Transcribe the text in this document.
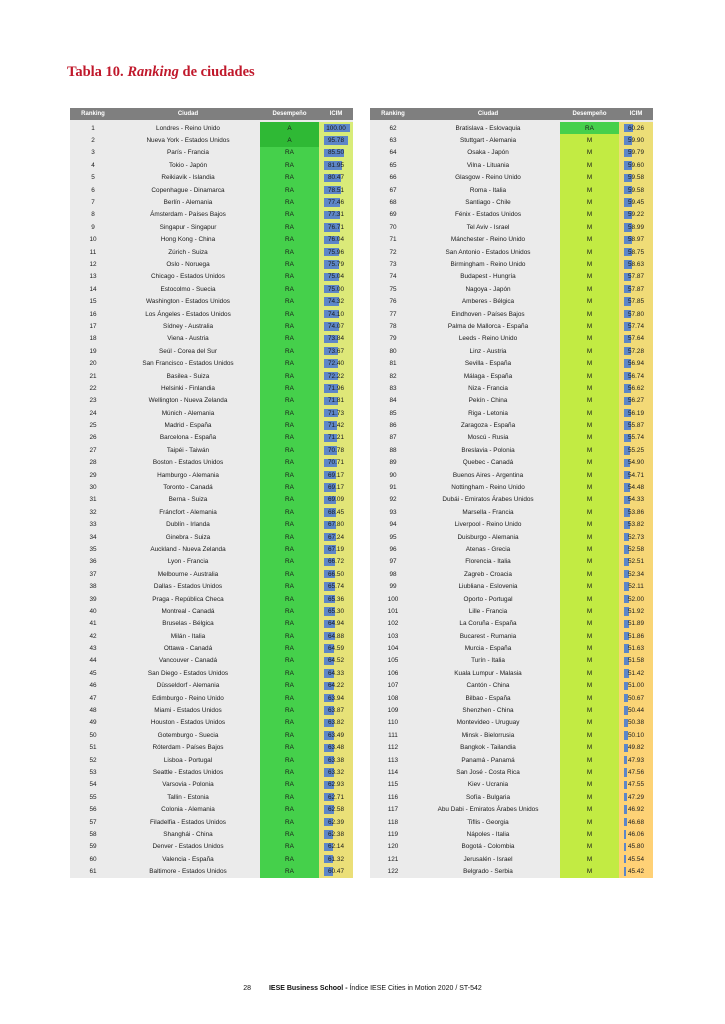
Tabla 10. Ranking de ciudades
Ranking	Ciudad	Desempeño	ICIM
1	Londres - Reino Unido	A	100.00
2	Nueva York - Estados Unidos	A	95.78
3	París - Francia	RA	85.50
4	Tokio - Japón	RA	81.95
5	Reikiavik - Islandia	RA	80.47
6	Copenhague - Dinamarca	RA	78.51
7	Berlín - Alemania	RA	77.46
8	Ámsterdam - Países Bajos	RA	77.31
9	Singapur - Singapur	RA	76.71
10	Hong Kong - China	RA	76.04
11	Zúrich - Suiza	RA	75.96
12	Oslo - Noruega	RA	75.79
13	Chicago - Estados Unidos	RA	75.04
14	Estocolmo - Suecia	RA	75.00
15	Washington - Estados Unidos	RA	74.32
16	Los Ángeles - Estados Unidos	RA	74.10
17	Sídney - Australia	RA	74.07
18	Viena - Austria	RA	73.84
19	Seúl - Corea del Sur	RA	73.67
20	San Francisco - Estados Unidos	RA	72.40
21	Basilea - Suiza	RA	72.22
22	Helsinki - Finlandia	RA	71.96
23	Wellington - Nueva Zelanda	RA	71.81
24	Múnich - Alemania	RA	71.73
25	Madrid - España	RA	71.42
26	Barcelona - España	RA	71.21
27	Taipéi - Taiwán	RA	70.78
28	Boston - Estados Unidos	RA	70.71
29	Hamburgo - Alemania	RA	69.17
30	Toronto - Canadá	RA	69.17
31	Berna - Suiza	RA	69.09
32	Fráncfort - Alemania	RA	68.45
33	Dublín - Irlanda	RA	67.80
34	Ginebra - Suiza	RA	67.24
35	Auckland - Nueva Zelanda	RA	67.19
36	Lyon - Francia	RA	66.72
37	Melbourne - Australia	RA	66.50
38	Dallas - Estados Unidos	RA	65.74
39	Praga - República Checa	RA	65.36
40	Montreal - Canadá	RA	65.30
41	Bruselas - Bélgica	RA	64.94
42	Milán - Italia	RA	64.88
43	Ottawa - Canadá	RA	64.59
44	Vancouver - Canadá	RA	64.52
45	San Diego - Estados Unidos	RA	64.33
46	Düsseldorf - Alemania	RA	64.22
47	Edimburgo - Reino Unido	RA	63.94
48	Miami - Estados Unidos	RA	63.87
49	Houston - Estados Unidos	RA	63.82
50	Gotemburgo - Suecia	RA	63.49
51	Róterdam - Países Bajos	RA	63.48
52	Lisboa - Portugal	RA	63.38
53	Seattle - Estados Unidos	RA	63.32
54	Varsovia - Polonia	RA	62.93
55	Tallin - Estonia	RA	62.71
56	Colonia - Alemania	RA	62.58
57	Filadelfia - Estados Unidos	RA	62.39
58	Shanghái - China	RA	62.38
59	Denver - Estados Unidos	RA	62.14
60	Valencia - España	RA	61.32
61	Baltimore - Estados Unidos	RA	60.47
Ranking	Ciudad	Desempeño	ICIM
62	Bratislava - Eslovaquia	RA	60.26
63	Stuttgart - Alemania	M	59.90
64	Osaka - Japón	M	59.79
65	Vilna - Lituania	M	59.60
66	Glasgow - Reino Unido	M	59.58
67	Roma - Italia	M	59.58
68	Santiago - Chile	M	59.45
69	Fénix - Estados Unidos	M	59.22
70	Tel Aviv - Israel	M	58.99
71	Mánchester - Reino Unido	M	58.97
72	San Antonio - Estados Unidos	M	58.75
73	Birmingham - Reino Unido	M	58.63
74	Budapest - Hungría	M	57.87
75	Nagoya - Japón	M	57.87
76	Amberes - Bélgica	M	57.85
77	Eindhoven - Países Bajos	M	57.80
78	Palma de Mallorca - España	M	57.74
79	Leeds - Reino Unido	M	57.64
80	Linz - Austria	M	57.28
81	Sevilla - España	M	56.94
82	Málaga - España	M	56.74
83	Niza - Francia	M	56.62
84	Pekín - China	M	56.27
85	Riga - Letonia	M	56.19
86	Zaragoza - España	M	55.87
87	Moscú - Rusia	M	55.74
88	Breslavia - Polonia	M	55.25
89	Quebec - Canadá	M	54.90
90	Buenos Aires - Argentina	M	54.71
91	Nottingham - Reino Unido	M	54.48
92	Dubái - Emiratos Árabes Unidos	M	54.33
93	Marsella - Francia	M	53.86
94	Liverpool - Reino Unido	M	53.82
95	Duisburgo - Alemania	M	52.73
96	Atenas - Grecia	M	52.58
97	Florencia - Italia	M	52.51
98	Zagreb - Croacia	M	52.34
99	Liubliana - Eslovenia	M	52.11
100	Oporto - Portugal	M	52.00
101	Lille - Francia	M	51.92
102	La Coruña - España	M	51.89
103	Bucarest - Rumania	M	51.86
104	Murcia - España	M	51.63
105	Turín - Italia	M	51.58
106	Kuala Lumpur - Malasia	M	51.42
107	Cantón - China	M	51.00
108	Bilbao - España	M	50.67
109	Shenzhen - China	M	50.44
110	Montevideo - Uruguay	M	50.38
111	Minsk - Bielorrusia	M	50.10
112	Bangkok - Tailandia	M	49.82
113	Panamá - Panamá	M	47.93
114	San José - Costa Rica	M	47.56
115	Kiev - Ucrania	M	47.55
116	Sofía - Bulgaria	M	47.29
117	Abu Dabi - Emiratos Árabes Unidos	M	46.92
118	Tiflis - Georgia	M	46.68
119	Nápoles - Italia	M	46.06
120	Bogotá - Colombia	M	45.80
121	Jerusalén - Israel	M	45.54
122	Belgrado - Serbia	M	45.42
28	IESE Business School - Índice IESE Cities in Motion 2020 / ST-542
